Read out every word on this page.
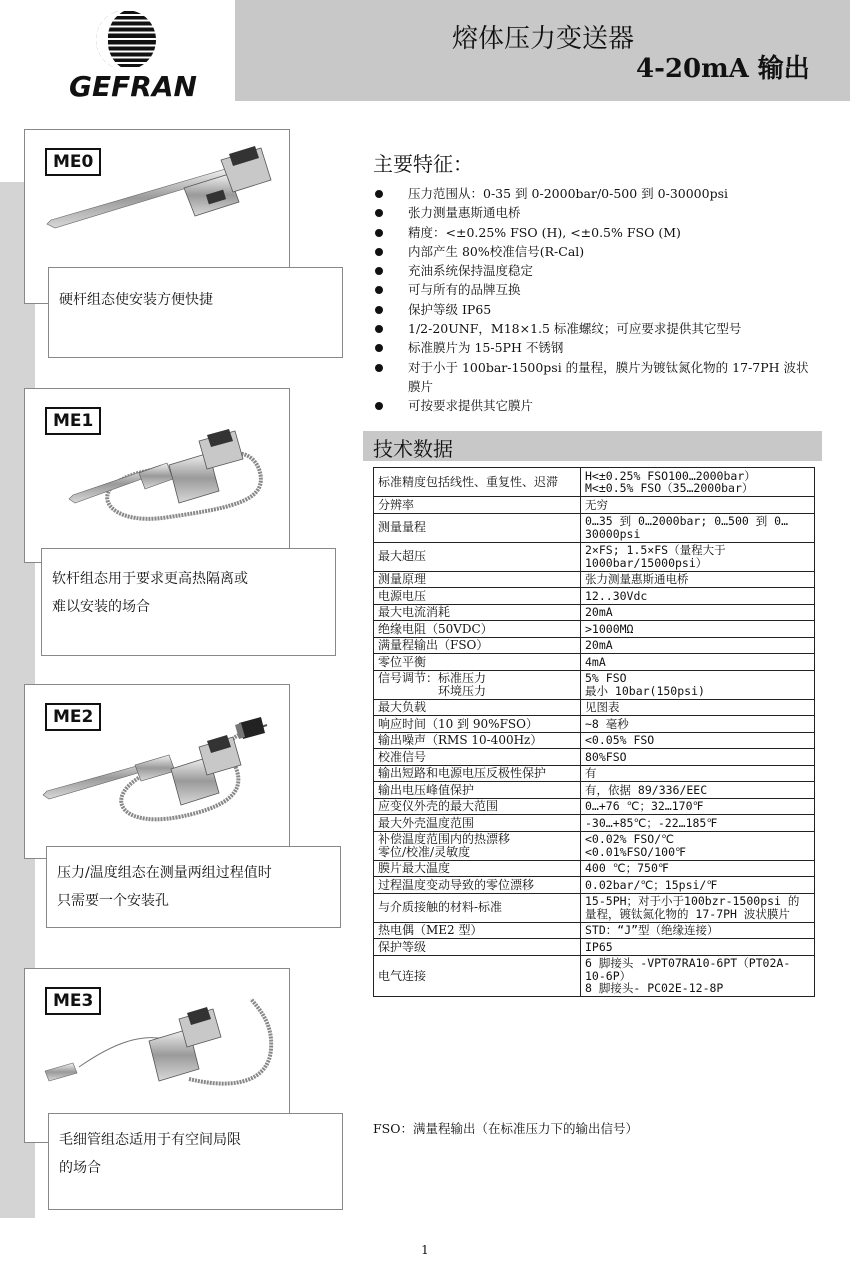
GEFRAN
熔体压力变送器
4-20mA 输出
ME0
硬杆组态使安装方便快捷
ME1
软杆组态用于要求更高热隔离或
难以安装的场合
ME2
压力/温度组态在测量两组过程值时
只需要一个安装孔
ME3
毛细管组态适用于有空间局限
的场合
主要特征：
压力范围从：0-35 到 0-2000bar/0-500 到 0-30000psi
张力测量惠斯通电桥
精度：<±0.25% FSO (H), <±0.5% FSO (M)
内部产生 80%校准信号(R-Cal)
充油系统保持温度稳定
可与所有的品牌互换
保护等级 IP65
1/2-20UNF，M18×1.5 标准螺纹；可应要求提供其它型号
标准膜片为 15-5PH 不锈钢
对于小于 100bar-1500psi 的量程，膜片为镀钛氮化物的 17-7PH 波状膜片
可按要求提供其它膜片
技术数据
标准精度包括线性、重复性、迟滞	H<±0.25% FSO100…2000bar）
M<±0.5% FSO（35…2000bar）
分辨率	无穷
测量量程	0…35 到 0…2000bar; 0…500 到 0…30000psi
最大超压	2×FS; 1.5×FS（量程大于1000bar/15000psi）
测量原理	张力测量惠斯通电桥
电源电压	12..30Vdc
最大电流消耗	20mA
绝缘电阻（50VDC）	>1000MΩ
满量程输出（FSO）	20mA
零位平衡	4mA
信号调节：标准压力
　　　　　环境压力	5% FSO
最小 10bar(150psi)
最大负载	见图表
响应时间（10 到 90%FSO）	~8 毫秒
输出噪声（RMS 10-400Hz）	<0.05% FSO
校准信号	80%FSO
输出短路和电源电压反极性保护	有
输出电压峰值保护	有，依据 89/336/EEC
应变仪外壳的最大范围	0…+76 ℃；32…170℉
最大外壳温度范围	-30…+85℃；-22…185℉
补偿温度范围内的热漂移
零位/校准/灵敏度	<0.02% FSO/℃
<0.01%FSO/100℉
膜片最大温度	400 ℃；750℉
过程温度变动导致的零位漂移	0.02bar/℃；15psi/℉
与介质接触的材料-标准	15-5PH；对于小于100bzr-1500psi 的量程，镀钛氮化物的 17-7PH 波状膜片
热电偶（ME2 型）	STD：“J”型（绝缘连接）
保护等级	IP65
电气连接	6 脚接头 -VPT07RA10-6PT（PT02A-10-6P）
8 脚接头- PC02E-12-8P
FSO：满量程输出（在标准压力下的输出信号）
1
